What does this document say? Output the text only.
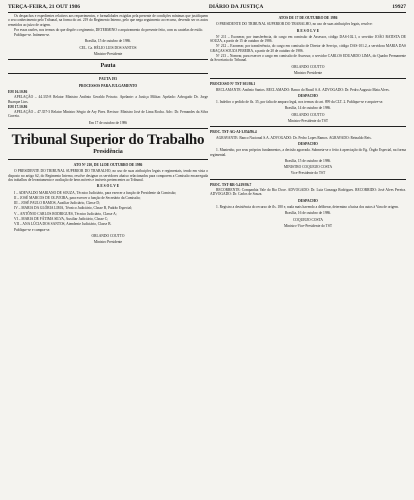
TERÇA-FEIRA, 21 OUT 1986	DIÁRIO DA JUSTIÇA	19927

Os despachos e expedientes relativos aos requerimentos, e formalidades exigidas pela presente de condições mínimas que justifiquem o seu conhecimento pelo Tribunal, na forma do art. 219 do Regimento Interno, pelo que nega seguimento ao recurso, devendo ser os autos remetidos ao juízo de origem.

Por essas razões, nos termos do que dispõe o regimento, DETERMINO o arquivamento do presente feito, com as cautelas de estilo.

Publique-se. Intimem-se.

Brasília, 15 de outubro de 1986.

CEL. Ca. HÉLIO LUIS DOS SANTOS

Ministro-Presidente

Pauta

PAUTA 193

PROCESSOS PARA JULGAMENTO

EM 16.10.86

APELAÇÃO – 44.335-8 Relator Ministro Antônio Geraldo Peixoto. Apelante: a Justiça Militar. Apelado: Advogado Dr. Jorge Buarque Lins.

EM 17.10.86

APELAÇÃO – 47.357-3 Relator Ministro Sérgio de Ary Pires. Revisor: Ministro José de Lima Rocha. Adv.: Dr. Fernandes da Silva Correia.

Em 17 de outubro de 1986

Tribunal Superior do Trabalho
Presidência

ATO Nº 210, DE 14 DE OUTUBRO DE 1986

O PRESIDENTE DO TRIBUNAL SUPERIOR DO TRABALHO, no uso de suas atribuições legais e regimentais, tendo em vista o disposto no artigo 62, do Regimento Interno, resolve designar os servidores abaixo relacionados para comporem a Comissão encarregada dos trabalhos de levantamento e avaliação de bens móveis e imóveis pertencentes ao Tribunal.

R E S O L V E

I – ADEVALDO MARIANO DE SOUZA, Técnico Judiciário, para exercer a função de Presidente da Comissão;

II – JOSÉ MARCOS DE OLIVEIRA, para exercer a função de Secretário da Comissão;

III – JOSÉ PAULO RAMOS, Auxiliar Judiciário, Classe D;

IV – MARIA DA GLÓRIA LIMA, Técnico Judiciário, Classe B, Padrão Especial;

V – ANTÔNIO CARLOS RODRIGUES, Técnico Judiciário, Classe A;

VI – MARIA DE FÁTIMA SILVA, Auxiliar Judiciário, Classe C;

VII – ANA LÚCIA DOS SANTOS, Atendente Judiciário, Classe B.

Publique-se e cumpra-se.

ORLANDO COUTTO

Ministro Presidente

ATOS DE 17 DE OUTUBRO DE 1986

O PRESIDENTE DO TRIBUNAL SUPERIOR DO TRABALHO, no uso de suas atribuições legais, resolve:

R E S O L V E

Nº 211 – Exonerar, por transferência, do cargo em comissão de Assessor, código DAS-102.1, o servidor JOÃO BATISTA DE SOUZA, a partir de 15 de outubro de 1986.

Nº 212 – Exonerar, por transferência, do cargo em comissão de Diretor de Serviço, código DAS-101.2, a servidora MARIA DAS GRAÇAS SOUZA PEREIRA, a partir de 20 de outubro de 1986.

Nº 213 – Nomear, para exercer o cargo em comissão de Assessor, o servidor CARLOS EDUARDO LIMA, do Quadro Permanente da Secretaria do Tribunal.

ORLANDO COUTTO

Ministro Presidente

PROCESSO Nº TST-301/86.1

RECLAMANTE: Antônio Santos. RECLAMADO: Banco do Brasil S.A. ADVOGADO: Dr. Pedro Augusto Mata Alves.

DESPACHO

1. Indefiro o pedido de fls. 35, por falta de amparo legal, nos termos do art. 899 da CLT. 2. Publique-se e arquive-se.

Brasília, 14 de outubro de 1986.

ORLANDO COUTTO

Ministro-Presidente do TST

PROC. TST-AG-AI-3.854/86.4

AGRAVANTE: Banco Nacional S.A. ADVOGADO: Dr. Pedro Lopes Ramos. AGRAVADO: Reinaldo Reis.

DESPACHO

1. Mantenho, por seus próprios fundamentos, a decisão agravada. Submeta-se o feito à apreciação do Eg. Órgão Especial, na forma regimental.

Brasília, 15 de outubro de 1986.

MINISTRO COQUEIJO COSTA

Vice-Presidente do TST

PROC. TST-RR-5.419/86.7

RECORRENTE: Companhia Vale do Rio Doce. ADVOGADO: Dr. Luiz Gonzaga Rodrigues. RECORRIDO: José Alves Pereira. ADVOGADO: Dr. Carlos de Souza.

DESPACHO

1. Registro a desistência do recurso de fls. 180 e, nada mais havendo a deliberar, determino a baixa dos autos à Vara de origem.

Brasília, 16 de outubro de 1986.

COQUEIJO COSTA

Ministro-Vice-Presidente do TST
